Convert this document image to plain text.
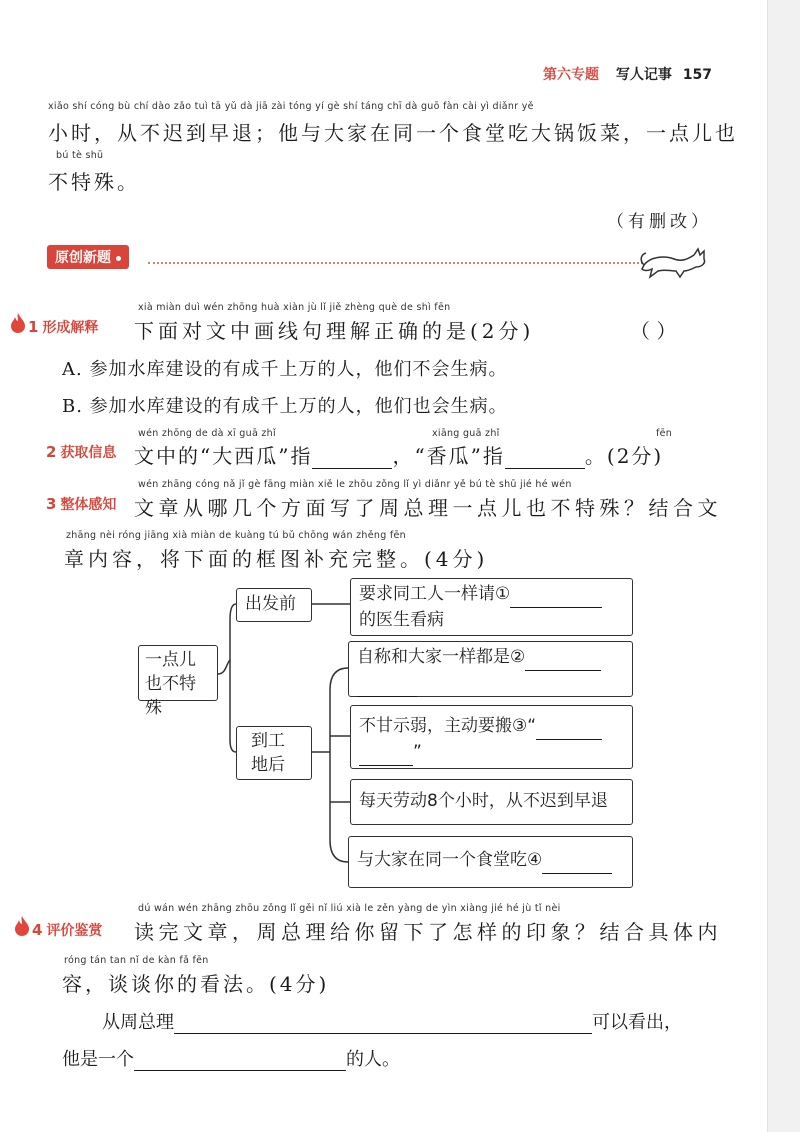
第六专题 写人记事 157
xiǎo shí cóng bù chí dào zǎo tuì tā yǔ dà jiā zài tóng yí gè shí táng chī dà guō fàn cài yì diǎnr yě
小时，从不迟到早退；他与大家在同一个食堂吃大锅饭菜，一点儿也
bú tè shū
不特殊。
（有删改）
原创新题
1 形成解释
xià miàn duì wén zhōng huà xiàn jù lǐ jiě zhèng què de shì fēn
下面对文中画线句理解正确的是(2分)	（ ）
A. 参加水库建设的有成千上万的人，他们不会生病。
B. 参加水库建设的有成千上万的人，他们也会生病。
2 获取信息
wén zhōng de dà xī guā zhǐ	xiāng guā zhǐ	fēn
文中的“大西瓜”指	，“香瓜”指	。(2分)
3 整体感知
wén zhāng cóng nǎ jǐ gè fāng miàn xiě le zhōu zǒng lǐ yì diǎnr yě bú tè shū jié hé wén
文章从哪几个方面写了周总理一点儿也不特殊？结合文
zhāng nèi róng jiāng xià miàn de kuàng tú bǔ chōng wán zhěng fēn
章内容，将下面的框图补充完整。(4分)
一点儿也不特殊
出发前
到工地后
要求同工人一样请①
的医生看病
自称和大家一样都是②

不甘示弱，主动要搬③“
”
每天劳动8个小时，从不迟到早退
与大家在同一个食堂吃④
4 评价鉴赏
dú wán wén zhāng zhōu zǒng lǐ gěi nǐ liú xià le zěn yàng de yìn xiàng jié hé jù tǐ nèi
读完文章，周总理给你留下了怎样的印象？结合具体内
róng tán tan nǐ de kàn fǎ fēn
容，谈谈你的看法。(4分)
从周总理	可以看出，
他是一个	的人。
